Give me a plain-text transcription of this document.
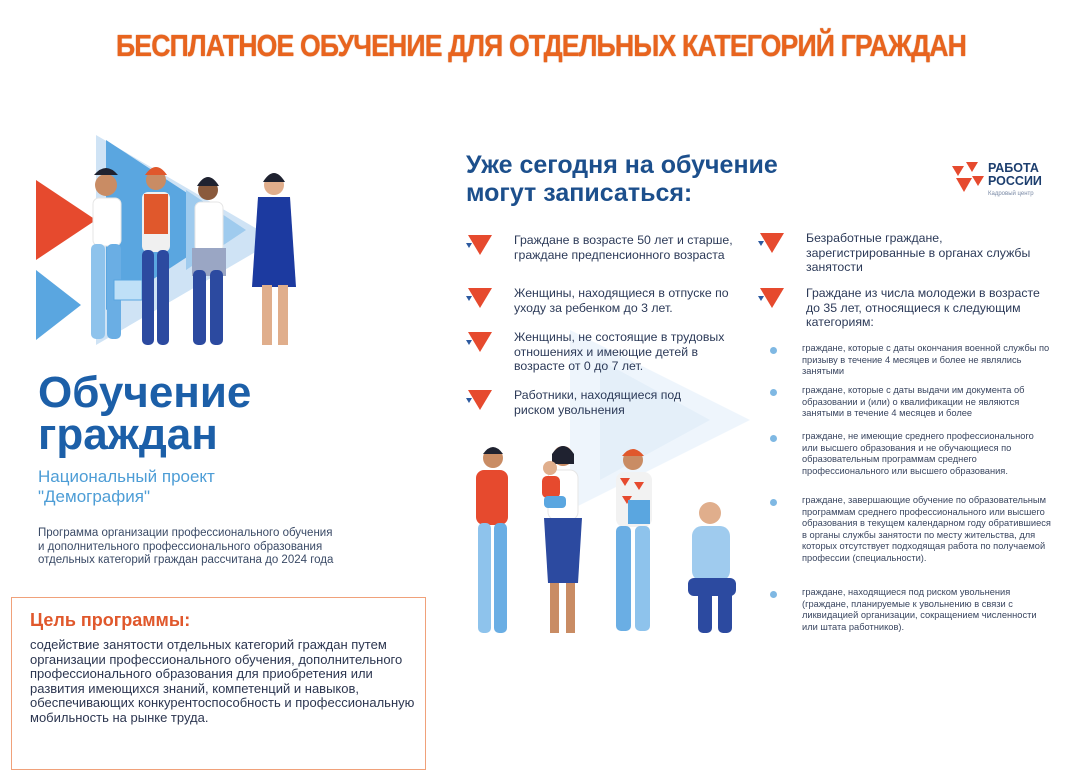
БЕСПЛАТНОЕ ОБУЧЕНИЕ ДЛЯ ОТДЕЛЬНЫХ КАТЕГОРИЙ ГРАЖДАН
Обучение
граждан
Национальный проект
"Демография"
Программа организации профессионального обучения и дополнительного профессионального образования отдельных категорий граждан рассчитана до 2024 года
Цель программы:
содействие занятости отдельных категорий граждан путем организации профессионального обучения, дополнительного профессионального образования для приобретения или развития имеющихся знаний, компетенций и навыков, обеспечивающих конкурентоспособность и профессиональную мобильность на рынке труда.
Уже сегодня на обучение
могут записаться:
РАБОТА
РОССИИ
Кадровый центр
Граждане в возрасте 50 лет и старше, граждане предпенсионного возраста
Женщины, находящиеся в отпуске по уходу за ребенком до 3 лет.
Женщины, не состоящие в трудовых отношениях и имеющие детей в возрасте от 0 до 7 лет.
Работники, находящиеся под риском увольнения
Безработные граждане, зарегистрированные в органах службы занятости
Граждане из числа молодежи в возрасте до 35 лет, относящиеся к следующим категориям:
граждане, которые с даты окончания военной службы по призыву в течение 4 месяцев и более не являлись занятыми
граждане, которые с даты выдачи им документа об образовании и (или) о квалификации не являются занятыми в течение 4 месяцев и более
граждане, не имеющие среднего профессионального или высшего образования и не обучающиеся по образовательным программам среднего профессионального или высшего образования.
граждане, завершающие обучение по образовательным программам среднего профессионального или высшего образования в текущем календарном году обратившиеся в органы службы занятости по месту жительства, для которых отсутствует подходящая работа по получаемой профессии (специальности).
граждане, находящиеся под риском увольнения (граждане, планируемые к увольнению в связи с ликвидацией организации, сокращением численности или штата работников).
